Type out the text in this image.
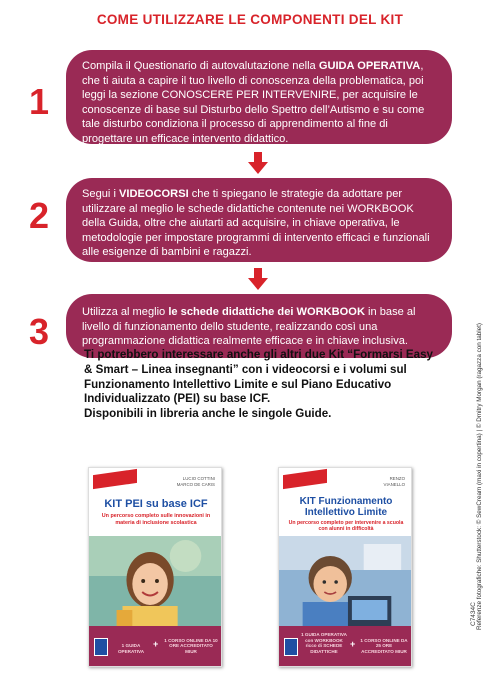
COME UTILIZZARE LE COMPONENTI DEL KIT
1
Compila il Questionario di autovalutazione nella GUIDA OPERATIVA, che ti aiuta a capire il tuo livello di conoscenza della problematica, poi leggi la sezione CONOSCERE PER INTERVENIRE, per acquisire le conoscenze di base sul Disturbo dello Spettro dell’Autismo e su come tale disturbo condiziona il processo di apprendimento al fine di progettare un efficace intervento didattico.
2
Segui i VIDEOCORSI che ti spiegano le strategie da adottare per utilizzare al meglio le schede didattiche contenute nei WORKBOOK della Guida, oltre che aiutarti ad acquisire, in chiave operativa, le metodologie per impostare programmi di intervento efficaci e funzionali alle esigenze di bambini e ragazzi.
3	Utilizza al meglio le schede didattiche dei WORKBOOK in base al livello di funzionamento dello studente, realizzando così una programmazione didattica realmente efficace e in chiave inclusiva.
Ti potrebbero interessare anche gli altri due Kit “Formarsi Easy & Smart – Linea insegnanti” con i videocorsi e i volumi sul Funzionamento Intellettivo Limite e sul Piano Educativo Individualizzato (PEI) su base ICF.
Disponibili in libreria anche le singole Guide.
LUCIO COTTINI
MARCO DE CARIS
KIT PEI su base ICF
Un percorso completo sulle innovazioni in materia di inclusione scolastica
1 GUIDA OPERATIVA
+ 1 CORSO ONLINE DA 10 ORE ACCREDITATO MIUR
RENZO
VIANELLO
KIT Funzionamento Intellettivo Limite
Un percorso completo per intervenire a scuola con alunni in difficoltà
1 GUIDA OPERATIVA con WORKBOOK ricco di SCHEDE DIDATTICHE
+	1 CORSO ONLINE DA 25 ORE ACCREDITATO MIUR
Referenze fotografiche: Shutterstock: © SewCream (maxi in copertina) | © Dmitry Morgan (ragazza con tablet)
C7434C
